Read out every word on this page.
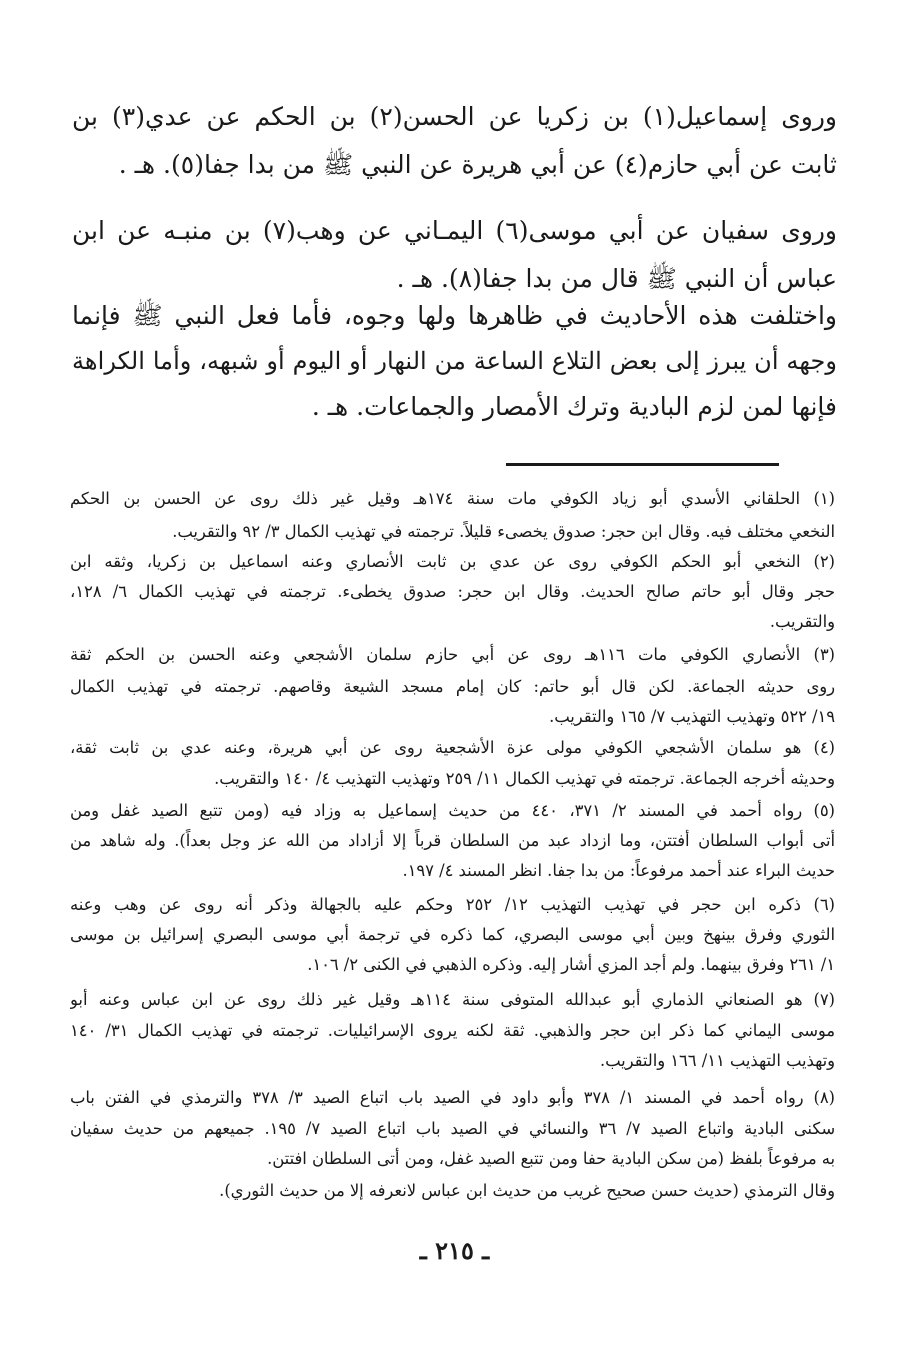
وروى إسماعيل(١) بن زكريا عن الحسن(٢) بن الحكم عن عدي(٣) بن
ثابت عن أبي حازم(٤) عن أبي هريرة عن النبي ﷺ من بدا جفا(٥). هـ .
وروى سفيان عن أبي موسى(٦) اليمـاني عن وهب(٧) بن منبـه عن ابن
عباس أن النبي ﷺ قال من بدا جفا(٨). هـ .
واختلفت هذه الأحاديث في ظاهرها ولها وجوه، فأما فعل النبي ﷺ فإنما
وجهه أن يبرز إلى بعض التلاع الساعة من النهار أو اليوم أو شبهه، وأما الكراهة
فإنها لمن لزم البادية وترك الأمصار والجماعات. هـ .
(١) الحلقاني الأسدي أبو زياد الكوفي مات سنة ١٧٤هـ وقيل غير ذلك روى عن الحسن بن الحكم
النخعي مختلف فيه. وقال ابن حجر: صدوق يخصىء قليلاً. ترجمته في تهذيب الكمال ٣/ ٩٢ والتقريب.
(٢) النخعي أبو الحكم الكوفي روى عن عدي بن ثابت الأنصاري وعنه اسماعيل بن زكريا، وثقه ابن
حجر وقال أبو حاتم صالح الحديث. وقال ابن حجر: صدوق يخطىء. ترجمته في تهذيب الكمال ٦/ ١٢٨،
والتقريب.
(٣) الأنصاري الكوفي مات ١١٦هـ روى عن أبي حازم سلمان الأشجعي وعنه الحسن بن الحكم ثقة
روى حديثه الجماعة. لكن قال أبو حاتم: كان إمام مسجد الشيعة وقاصهم. ترجمته في تهذيب الكمال
١٩/ ٥٢٢ وتهذيب التهذيب ٧/ ١٦٥ والتقريب.
(٤) هو سلمان الأشجعي الكوفي مولى عزة الأشجعية روى عن أبي هريرة، وعنه عدي بن ثابت ثقة،
وحديثه أخرجه الجماعة. ترجمته في تهذيب الكمال ١١/ ٢٥٩ وتهذيب التهذيب ٤/ ١٤٠ والتقريب.
(٥) رواه أحمد في المسند ٢/ ٣٧١، ٤٤٠ من حديث إسماعيل به وزاد فيه (ومن تتبع الصيد غفل ومن
أتى أبواب السلطان أفتتن، وما ازداد عبد من السلطان قرباً إلا أزاداد من الله عز وجل بعداً). وله شاهد من
حديث البراء عند أحمد مرفوعاً: من بدا جفا. انظر المسند ٤/ ١٩٧.
(٦) ذكره ابن حجر في تهذيب التهذيب ١٢/ ٢٥٢ وحكم عليه بالجهالة وذكر أنه روى عن وهب وعنه
الثوري وفرق بينهخ وبين أبي موسى البصري، كما ذكره في ترجمة أبي موسى البصري إسرائيل بن موسى
١/ ٢٦١ وفرق بينهما. ولم أجد المزي أشار إليه. وذكره الذهبي في الكنى ٢/ ١٠٦.
(٧) هو الصنعاني الذماري أبو عبدالله المتوفى سنة ١١٤هـ وقيل غير ذلك روى عن ابن عباس وعنه أبو
موسى اليماني كما ذكر ابن حجر والذهبي. ثقة لكنه يروى الإسرائيليات. ترجمته في تهذيب الكمال ٣١/ ١٤٠
وتهذيب التهذيب ١١/ ١٦٦ والتقريب.
(٨) رواه أحمد في المسند ١/ ٣٧٨ وأبو داود في الصيد باب اتباع الصيد ٣/ ٣٧٨ والترمذي في الفتن باب
سكنى البادية واتباع الصيد ٧/ ٣٦ والنسائي في الصيد باب اتباع الصيد ٧/ ١٩٥. جميعهم من حديث سفيان
به مرفوعاً بلفظ (من سكن البادية حفا ومن تتبع الصيد غفل، ومن أتى السلطان افتتن.
وقال الترمذي (حديث حسن صحيح غريب من حديث ابن عباس لانعرفه إلا من حديث الثوري).
ـ ٢١٥ ـ
